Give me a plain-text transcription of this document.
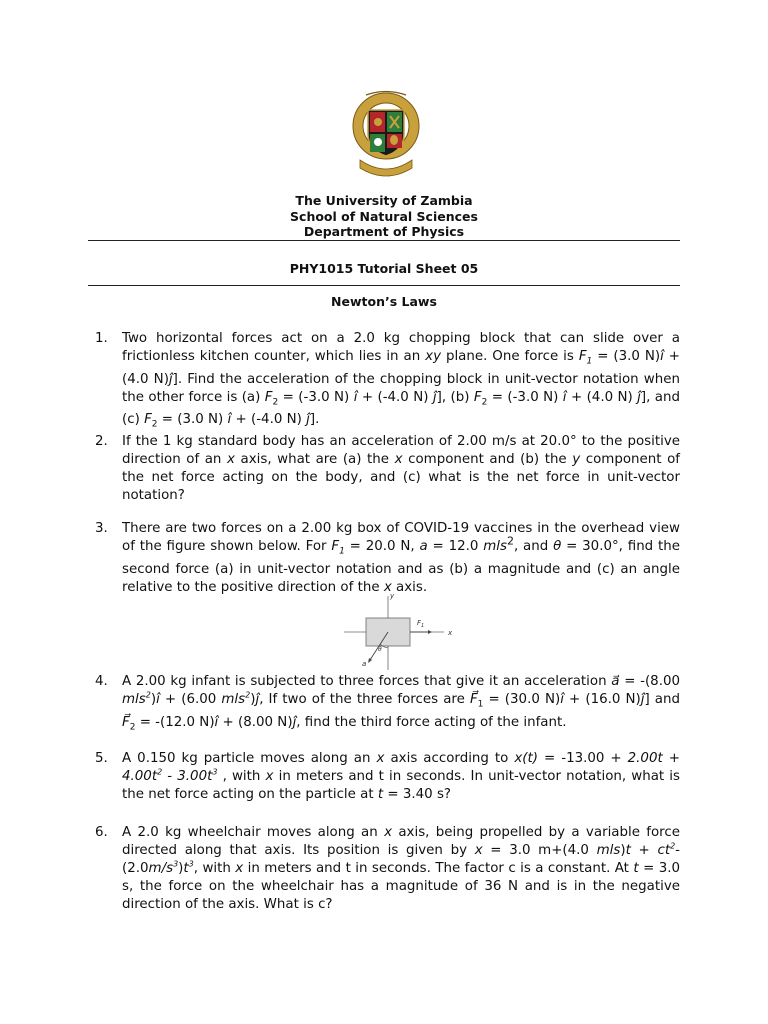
The University of Zambia
School of Natural Sciences
Department of Physics
PHY1015 Tutorial Sheet 05
Newton’s Laws
1. Two horizontal forces act on a 2.0 kg chopping block that can slide over a frictionless kitchen counter, which lies in an xy plane. One force is $F_1 = (3.0$ N)î + (4.0 N)ĵ]. Find the acceleration of the chopping block in unit-vector notation when the other force is (a) $F_2 = (-3.0$ N) î + (-4.0 N) ĵ], (b) $F_2 = (-3.0$ N) î + (4.0 N) ĵ], and (c) $F_2 = (3.0$ N) î + (-4.0 N) ĵ].
2. If the 1 kg standard body has an acceleration of 2.00 m/s at 20.0° to the positive direction of an x axis, what are (a) the x component and (b) the y component of the net force acting on the body, and (c) what is the net force in unit-vector notation?
3. There are two forces on a 2.00 kg box of COVID-19 vaccines in the overhead view of the figure shown below. For $F_1 = 20.0$ N, a = 12.0 mls$^2$, and θ = 30.0°, find the second force (a) in unit-vector notation and as (b) a magnitude and (c) an angle relative to the positive direction of the x axis.
x
y
$F_1$
a
θ
4. A 2.00 kg infant is subjected to three forces that give it an acceleration a⃗ = -(8.00 mls$^2$)î + (6.00 mls$^2$)ĵ, If two of the three forces are $F⃗_1 = (30.0$ N)î + (16.0 N)ĵ] and $F⃗_2 = -(12.0$ N)î + (8.00 N)ĵ, find the third force acting of the infant.
5. A 0.150 kg particle moves along an x axis according to $x(t) = -13.00 + 2.00t + 4.00t^2 - 3.00t^3$ , with x in meters and t in seconds. In unit-vector notation, what is the net force acting on the particle at t = 3.40 s?
6. A 2.0 kg wheelchair moves along an x axis, being propelled by a variable force directed along that axis. Its position is given by x = 3.0 m+(4.0 $mls)t + ct^2-(2.0m/s^3)t^3$, with x in meters and t in seconds. The factor c is a constant. At t = 3.0 s, the force on the wheelchair has a magnitude of 36 N and is in the negative direction of the axis. What is c?
